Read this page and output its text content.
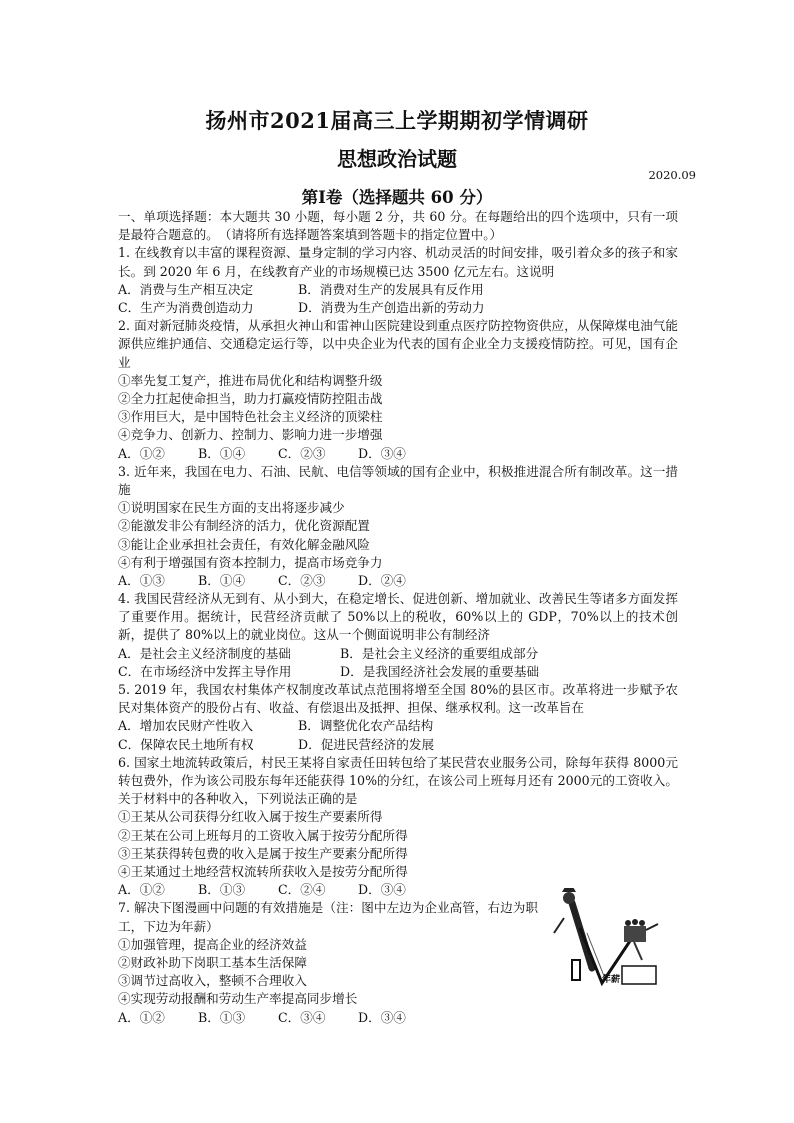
扬州市2021届高三上学期期初学情调研
思想政治试题
2020.09
第Ⅰ卷（选择题共 60 分）
一、单项选择题：本大题共 30 小题，每小题 2 分，共 60 分。在每题给出的四个选项中，只有一项是最符合题意的。　（请将所有选择题答案填到答题卡的指定位置中。）
1. 在线教育以丰富的课程资源、量身定制的学习内容、机动灵活的时间安排，吸引着众多的孩子和家长。到 2020 年 6 月，在线教育产业的市场规模已达 3500 亿元左右。这说明
A．消费与生产相互决定	B．消费对生产的发展具有反作用
C．生产为消费创造动力	D．消费为生产创造出新的劳动力
2. 面对新冠肺炎疫情，从承担火神山和雷神山医院建设到重点医疗防控物资供应，从保障煤电油气能源供应维护通信、交通稳定运行等，以中央企业为代表的国有企业全力支援疫情防控。可见，国有企业
①率先复工复产，推进布局优化和结构调整升级
②全力扛起使命担当，助力打赢疫情防控阻击战
③作用巨大，是中国特色社会主义经济的顶梁柱
④竞争力、创新力、控制力、影响力进一步增强
A．①②	B．①④	C．②③	D．③④
3. 近年来，我国在电力、石油、民航、电信等领域的国有企业中，积极推进混合所有制改革。这一措施
①说明国家在民生方面的支出将逐步减少
②能激发非公有制经济的活力，优化资源配置
③能让企业承担社会责任，有效化解金融风险
④有利于增强国有资本控制力，提高市场竞争力
A．①③	B．①④	C．②③	D．②④
4. 我国民营经济从无到有、从小到大，在稳定增长、促进创新、增加就业、改善民生等诸多方面发挥了重要作用。据统计，民营经济贡献了 50%以上的税收，60%以上的 GDP，70%以上的技术创新，提供了 80%以上的就业岗位。这从一个侧面说明非公有制经济
A．是社会主义经济制度的基础	B．是社会主义经济的重要组成部分
C．在市场经济中发挥主导作用	D．是我国经济社会发展的重要基础
5. 2019 年，我国农村集体产权制度改革试点范围将增至全国 80%的县区市。改革将进一步赋予农民对集体资产的股份占有、收益、有偿退出及抵押、担保、继承权利。这一改革旨在
A．增加农民财产性收入	B．调整优化农产品结构
C．保障农民土地所有权	D．促进民营经济的发展
6. 国家土地流转政策后，村民王某将自家责任田转包给了某民营农业服务公司，除每年获得 8000元转包费外，作为该公司股东每年还能获得 10%的分红，在该公司上班每月还有 2000元的工资收入。关于材料中的各种收入，下列说法正确的是
①王某从公司获得分红收入属于按生产要素所得
②王某在公司上班每月的工资收入属于按劳分配所得
③王某获得转包费的收入是属于按生产要素分配所得
④王某通过土地经营权流转所获收入是按劳分配所得
A．①②	B．①③	C．②④	D．③④
7. 解决下图漫画中问题的有效措施是（注：图中左边为企业高管，右边为职工，下边为年薪）
①加强管理，提高企业的经济效益
②财政补助下岗职工基本生活保障
③调节过高收入，整顿不合理收入
④实现劳动报酬和劳动生产率提高同步增长
A．①②	B．①③	C．③④	D．③④
年薪
